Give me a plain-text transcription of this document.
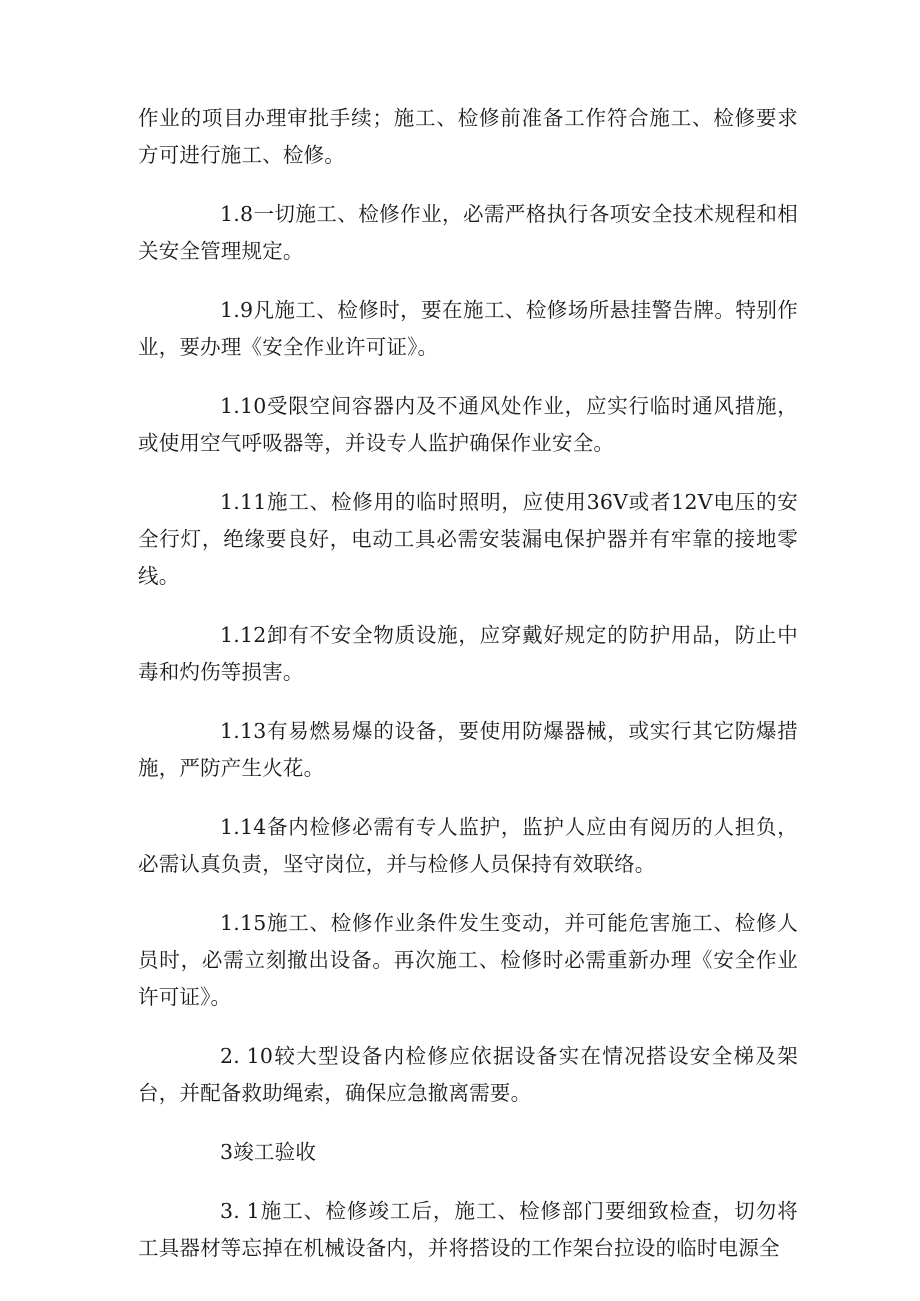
作业的项目办理审批手续；施工、检修前准备工作符合施工、检修要求方可进行施工、检修。

1.8一切施工、检修作业，必需严格执行各项安全技术规程和相关安全管理规定。

1.9凡施工、检修时，要在施工、检修场所悬挂警告牌。特别作业，要办理《安全作业许可证》。

1.10受限空间容器内及不通风处作业，应实行临时通风措施，或使用空气呼吸器等，并设专人监护确保作业安全。

1.11施工、检修用的临时照明，应使用36V或者12V电压的安全行灯，绝缘要良好，电动工具必需安装漏电保护器并有牢靠的接地零线。

1.12卸有不安全物质设施，应穿戴好规定的防护用品，防止中毒和灼伤等损害。

1.13有易燃易爆的设备，要使用防爆器械，或实行其它防爆措施，严防产生火花。

1.14备内检修必需有专人监护，监护人应由有阅历的人担负，必需认真负责，坚守岗位，并与检修人员保持有效联络。

1.15施工、检修作业条件发生变动，并可能危害施工、检修人员时，必需立刻撤出设备。再次施工、检修时必需重新办理《安全作业许可证》。

2. 10较大型设备内检修应依据设备实在情况搭设安全梯及架台，并配备救助绳索，确保应急撤离需要。

3竣工验收

3. 1施工、检修竣工后，施工、检修部门要细致检查，切勿将工具器材等忘掉在机械设备内，并将搭设的工作架台拉设的临时电源全
